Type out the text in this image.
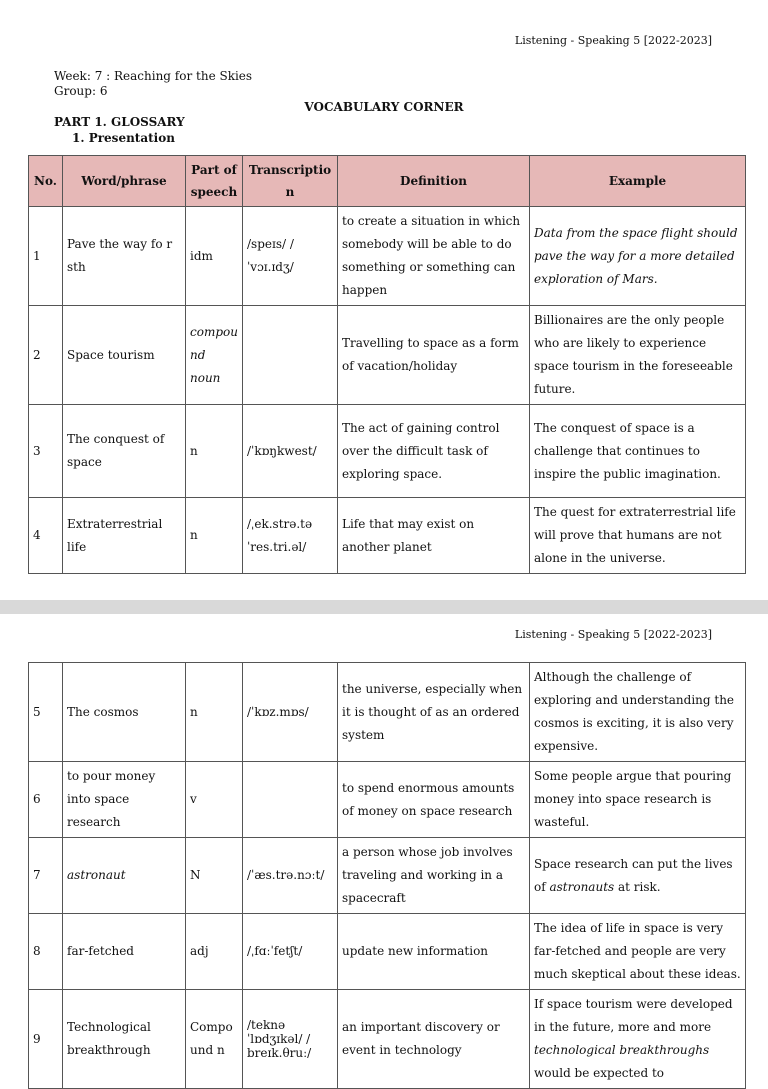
Listening - Speaking 5 [2022-2023]
Week: 7 : Reaching for the Skies
Group: 6
VOCABULARY CORNER
PART 1. GLOSSARY
1. Presentation
No.	Word/phrase	Part of speech	Transcription	Definition	Example
1	Pave the way fo r sth	idm	/speɪs/ /ˈvɔɪ.ɪdʒ/	to create a situation in which somebody will be able to do something or something can happen	Data from the space flight should pave the way for a more detailed exploration of Mars.
2	Space tourism	compou nd noun		Travelling to space as a form of vacation/holiday	Billionaires are the only people who are likely to experience space tourism in the foreseeable future.
3	The conquest of space	n	/ˈkɒŋkwest/	The act of gaining control over the difficult task of exploring space.	The conquest of space is a challenge that continues to inspire the public imagination.
4	Extraterrestrial life	n	/ˌek.strə.tə ˈres.tri.əl/	Life that may exist on another planet	The quest for extraterrestrial life will prove that humans are not alone in the universe.
Listening - Speaking 5 [2022-2023]
5	The cosmos	n	/ˈkɒz.mɒs/	the universe, especially when it is thought of as an ordered system	Although the challenge of exploring and understanding the cosmos is exciting, it is also very expensive.
6	to pour money into space research	v		to spend enormous amounts of money on space research	Some people argue that pouring money into space research is wasteful.
7	astronaut	N	/ˈæs.trə.nɔːt/	a person whose job involves traveling and working in a spacecraft	Space research can put the lives of astronauts at risk.
8	far-fetched	adj	/ˌfɑːˈfetʃt/	update new information	The idea of life in space is very far-fetched and people are very much skeptical about these ideas.
9	Technological breakthrough	Compo und n	/teknə ˈlɒdʒɪkəl/ / breɪk.θruː/	an important discovery or event in technology	If space tourism were developed in the future, more and more technological breakthroughs would be expected to
